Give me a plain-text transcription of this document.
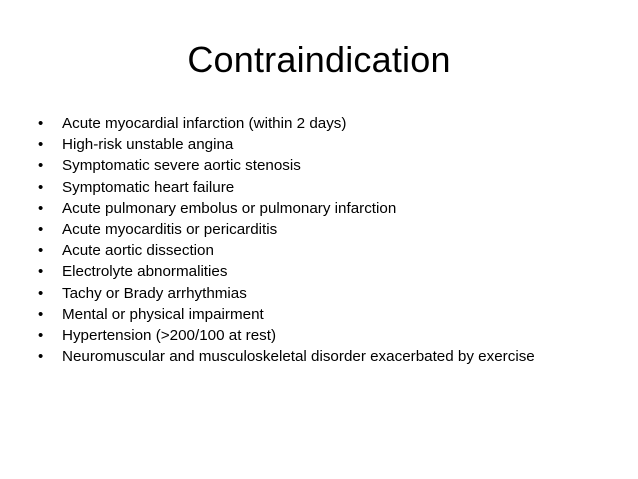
Contraindication
•	Acute myocardial infarction (within 2 days)
•	High-risk unstable angina
•	Symptomatic severe aortic stenosis
•	Symptomatic heart failure
•	Acute pulmonary embolus or pulmonary infarction
•	Acute myocarditis or pericarditis
•	Acute aortic dissection
•	Electrolyte abnormalities
•	Tachy or Brady arrhythmias
•	Mental or physical impairment
•	Hypertension (>200/100 at rest)
•	Neuromuscular and musculoskeletal disorder exacerbated by exercise
